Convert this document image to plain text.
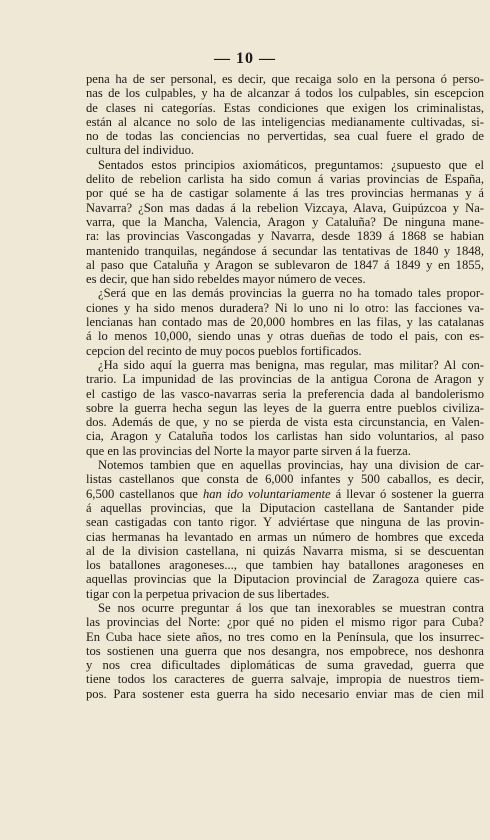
— 10 —
pena ha de ser personal, es decir, que recaiga solo en la persona ó perso-
nas de los culpables, y ha de alcanzar á todos los culpables, sin escepcion
de clases ni categorías. Estas condiciones que exigen los criminalistas,
están al alcance no solo de las inteligencias medianamente cultivadas, si-
no de todas las conciencias no pervertidas, sea cual fuere el grado de
cultura del individuo.
Sentados estos principios axiomáticos, preguntamos: ¿supuesto que el
delito de rebelion carlista ha sido comun á varias provincias de España,
por qué se ha de castigar solamente á las tres provincias hermanas y á
Navarra? ¿Son mas dadas á la rebelion Vizcaya, Alava, Guipúzcoa y Na-
varra, que la Mancha, Valencia, Aragon y Cataluña? De ninguna mane-
ra: las provincias Vascongadas y Navarra, desde 1839 á 1868 se habian
mantenido tranquilas, negándose á secundar las tentativas de 1840 y 1848,
al paso que Cataluña y Aragon se sublevaron de 1847 á 1849 y en 1855,
es decir, que han sido rebeldes mayor número de veces.
¿Será que en las demás provincias la guerra no ha tomado tales propor-
ciones y ha sido menos duradera? Ni lo uno ni lo otro: las facciones va-
lencianas han contado mas de 20,000 hombres en las filas, y las catalanas
á lo menos 10,000, siendo unas y otras dueñas de todo el pais, con es-
cepcion del recinto de muy pocos pueblos fortificados.
¿Ha sido aquí la guerra mas benigna, mas regular, mas militar? Al con-
trario. La impunidad de las provincias de la antigua Corona de Aragon y
el castigo de las vasco-navarras seria la preferencia dada al bandolerismo
sobre la guerra hecha segun las leyes de la guerra entre pueblos civiliza-
dos. Además de que, y no se pierda de vista esta circunstancia, en Valen-
cia, Aragon y Cataluña todos los carlistas han sido voluntarios, al paso
que en las provincias del Norte la mayor parte sirven á la fuerza.
Notemos tambien que en aquellas provincias, hay una division de car-
listas castellanos que consta de 6,000 infantes y 500 caballos, es decir,
6,500 castellanos que han ido voluntariamente á llevar ó sostener la guerra
á aquellas provincias, que la Diputacion castellana de Santander pide
sean castigadas con tanto rigor. Y adviértase que ninguna de las provin-
cias hermanas ha levantado en armas un número de hombres que exceda
al de la division castellana, ni quizás Navarra misma, si se descuentan
los batallones aragoneses..., que tambien hay batallones aragoneses en
aquellas provincias que la Diputacion provincial de Zaragoza quiere cas-
tigar con la perpetua privacion de sus libertades.
Se nos ocurre preguntar á los que tan inexorables se muestran contra
las provincias del Norte: ¿por qué no piden el mismo rigor para Cuba?
En Cuba hace siete años, no tres como en la Península, que los insurrec-
tos sostienen una guerra que nos desangra, nos empobrece, nos deshonra
y nos crea dificultades diplomáticas de suma gravedad, guerra que
tiene todos los caracteres de guerra salvaje, impropia de nuestros tiem-
pos. Para sostener esta guerra ha sido necesario enviar mas de cien mil
